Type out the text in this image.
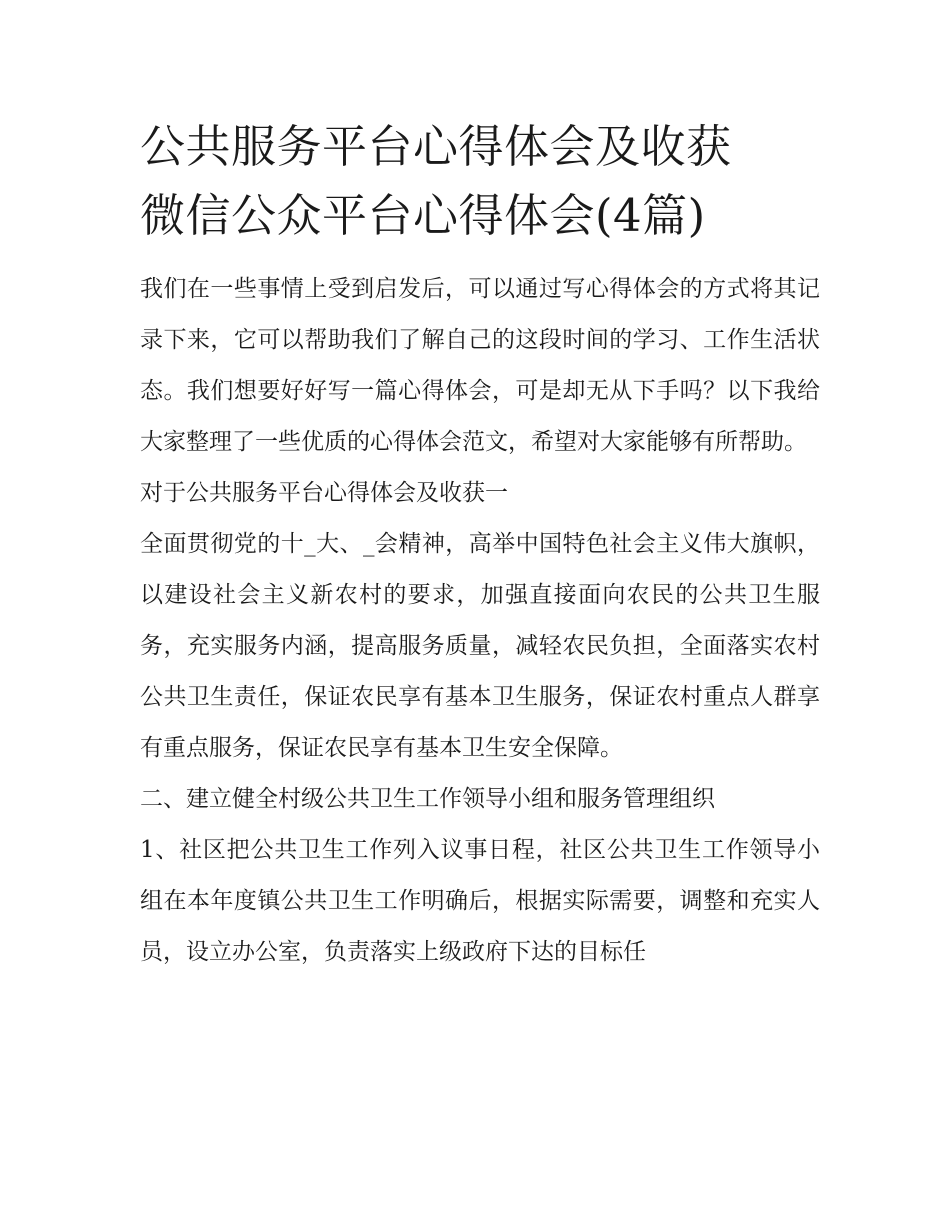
公共服务平台心得体会及收获
微信公众平台心得体会(4篇)

我们在一些事情上受到启发后，可以通过写心得体会的方式将其记录下来，它可以帮助我们了解自己的这段时间的学习、工作生活状态。我们想要好好写一篇心得体会，可是却无从下手吗？以下我给大家整理了一些优质的心得体会范文，希望对大家能够有所帮助。

对于公共服务平台心得体会及收获一

全面贯彻党的十_大、_会精神，高举中国特色社会主义伟大旗帜，以建设社会主义新农村的要求，加强直接面向农民的公共卫生服务，充实服务内涵，提高服务质量，减轻农民负担，全面落实农村公共卫生责任，保证农民享有基本卫生服务，保证农村重点人群享有重点服务，保证农民享有基本卫生安全保障。

二、建立健全村级公共卫生工作领导小组和服务管理组织

1、社区把公共卫生工作列入议事日程，社区公共卫生工作领导小组在本年度镇公共卫生工作明确后，根据实际需要，调整和充实人员，设立办公室，负责落实上级政府下达的目标任
